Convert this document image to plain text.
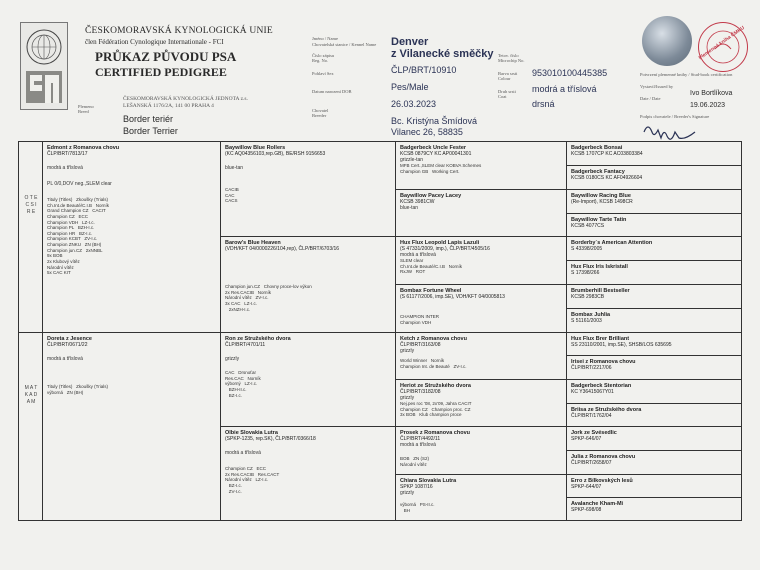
ČESKOMORAVSKÁ KYNOLOGICKÁ UNIE
člen Fédération Cynologique Internationale - FCI
PRŮKAZ PŮVODU PSA
CERTIFIED PEDIGREE
ČESKOMORAVSKÁ KYNOLOGICKÁ JEDNOTA z.s.
LEŠANSKÁ 1176/2A, 141 00 PRAHA 4
Plemeno Breed
Border teriér
Border Terrier
Jméno / Name
Chovatelská stanice / Kennel Name
Číslo zápisu Reg. No.
Pohlaví Sex
Datum narození DOB
Chovatel Breeder
Denver
z Vilanecké směčky
ČLP/BRT/10910
Pes/Male
26.03.2023
Bc. Kristýna Šmídová
Vilanec 26, 58835
Tetov. číslo Microchip No.
Barva srsti Colour
Druh srsti Coat
953010100445385
modrá a tříslová
drsná
Plemenná kniha ČMKU
Potvrzení plemenné knihy / Stud-book certification
Vystavil/Issued by
Date / Date
Ivo Bortlíkova
19.06.2023
Podpis chovatele / Breeder's Signature
O T E C S I R E
M A T K A D A M
Edmont z Romanova chovu
ČLP/BRT/7813/17
modrá a tříslová
PL 0/0,DOV neg.,SLEM clear
Tituly (Titles)   Zkoušky (Trials)
Ch.Int.de Beauté/C.I.B   Norník
Grand Champion CZ   CACIT
Champion CZ   ECC
Champion VDH   LZ-I.c.
Champion PL   BZH-I.c.
Champion HR   BZ-I.c.
Champion KCBT   ZV-I.c.
Champion ZNKU   ZN (BH)
Champion jun.CZ   2xNNBL
9x BOB
2x Klubový vítěz
Národní vítěz
5x CAC KIT
Doreta z Jesence
ČLP/BRT/0671/22
modrá a tříslová
Tituly (Titles)   Zkoušky (Trials)
výborná   ZN (BH)
Baywillow Blue Rollers
(KC AQ04356103,rep.GB), BE/RSH 9156653
blue-tan
CACIB
CAC
CACS
Barow's Blue Heaven
(VDH/KFT 04/0000226/104,rep), ČLP/BRT/6703/16
Champion jun.CZ   Chovny proce-lov výkon
2x Res.CACIB   Norník
Národní vítěz   ZV-I.c.
3x CAC   LZ-I.c.
2xNZH-I.c.
Ron ze Stružského dvora
ČLP/BRT/4701/11
grizzly
CAC   Drsnoťar
Res.CAC   Norník
výborný   LZ-I.c.
BZH-II.c.
BZ-I.c.
Olbie Slovakia Lutra
(SPKP-1235, rep.SK), ČLP/BRT/0366/18
modrá a tříslová
Champion CZ   ECC
2x Res.CACIB   Res.CACT
Národní vítěz   LZ-I.c.
BZ-I.c.
ZV-I.c.
Badgerbeck Uncle Fester
KCSB 0879CY KC AP00041301
grizzle-tan
MFB Cert.,SLEM clear KOBVA Schemes
Champion GB   Working Cert.
Baywillow Pacey Lacey
KCSB 3981CW
blue-tan
Hux Flux Leopold Lapis Lazuli
(S 47331/2009, imp.), ČLP/BRT/4505/16
modrá a tříslová
SLEM clear
Ch.Int.de Beauté/C.I.B   Norník
RxJW   ROT
Bombax Fortune Wheel
(S 61177/2006, imp.SE), VDH/KFT 04/0005813
CHAMPION INTER
Champion VDH
Ketch z Romanova chovu
ČLP/BRT/3163/08
grizzly
World Winner   Norník
Champion Int. de Beauté   ZV-I.c.
Heriot ze Stružského dvora
ČLP/BRT/3182/08
grizzly
Nej.pes roc '08, 2x'09, Jahra CACIT
Champion CZ   Champion proc. CZ
3x BOB   Klub champion proce
Prosek z Romanova chovu
ČLP/BRT/4492/11
modrá a tříslová
BOB   ZN (S2)
Národní vítěz
Chiara Slovakia Lutra
SPKP 1087/16
grizzly
výborná   PS-II.c.
BH
Badgerbeck Bonsai
KCSB 1707CP KC AC03803384
Badgerbeck Fantacy
KCSB 0180CS KC AF04926604
Baywillow Racing Blue
(Re-Import), KCSB 1498CR
Baywillow Tarte Tatin
KCSB 4077CS
Borderby´s American Attention
S 43398/2005
Hux Flux Iris Iskristall
S 17398/266
Brumberhill Bestseller
KCSB 2983CB
Bombax Juhlia
S 51161/2003
Hux Flux Brer Brilliant
SS 23110/2001, imp.SE), SHSB/LOS 635695
Irisei z Romanova chovu
ČLP/BRT/2217/06
Badgerbeck Stentorian
KC Y36415067Y01
Briisa ze Stružského dvora
ČLP/BRT/1762/04
Jork ze Svésedlic
SPKP-646/07
Julia z Romanova chovu
ČLP/BRT/2658/07
Erro z Bílkovských lesů
SPKP-644/07
Avalanche Kham-Mi
SPKP-698/08
